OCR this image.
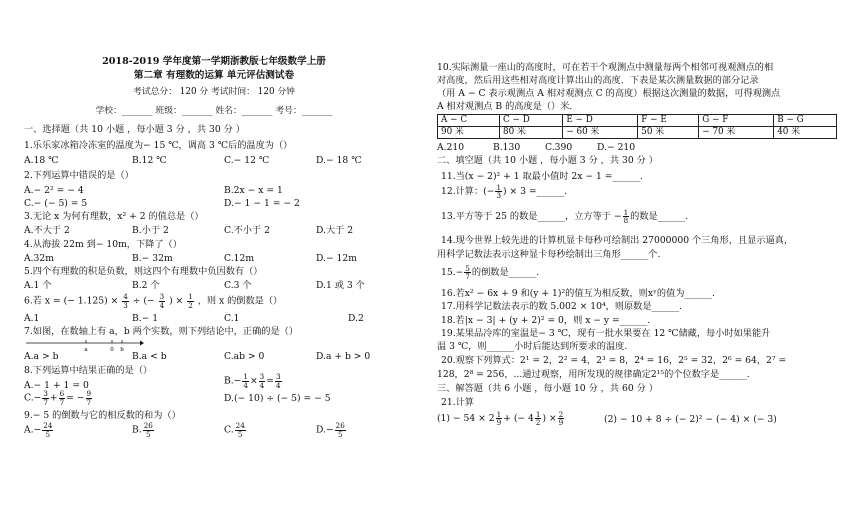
2018-2019 学年度第一学期浙教版七年级数学上册
第二章 有理数的运算 单元评估测试卷
考试总分： 120 分 考试时间： 120 分钟
学校：_______ 班级：_______ 姓名：_______ 考号：_______
一、选择题（共 10 小题 ，每小题 3 分 ，共 30 分 ）
1.乐乐家冰箱冷冻室的温度为− 15 ℃，调高 3 ℃后的温度为（）
A.18 ℃	B.12 ℃	C.− 12 ℃	D.− 18 ℃
2.下列运算中错误的是（）
A.− 2² = − 4	B.2x − x = 1
C.− (− 5) = 5	D.− 1 − 1 = − 2
3.无论 x 为何有理数，x² + 2 的值总是（）
A.不大于 2	B.小于 2	C.不小于 2	D.大于 2
4.从海拔 22m 到− 10m，下降了（）
A.32m	B.− 32m	C.12m	D.− 12m
5.四个有理数的积是负数，则这四个有理数中负因数有（）
A.1 个	B.2 个	C.3 个	D.1 或 3 个
6.若 x = (− $1.125) \times \frac{4}{3}$ ÷ (− $\frac{3}{4}$ ) × $\frac{1}{2}$ ，则 x 的倒数是（）
A.1	B.− 1	C.1	D.2
7.如图，在数轴上有 a，b 两个实数，则下列结论中，正确的是（）
a	0 b
A.a > b	B.a < b	C.ab > 0	D.a + b > 0
8.下列运算中结果正确的是（）
A.− 1 + 1 = 0	$B.- \frac{1}{4} \times \frac{3}{4} = \frac{3}{4}$
$C.- \frac{3}{7} + \frac{6}{7}$ = − $\frac{9}{7}$	D.(− 10) ÷ (− 5) = − 5
9.− 5 的倒数与它的相反数的和为（）
$A.- \frac{24}{5}$	B. $\frac{26}{5}$	C. $\frac{24}{5}$	$D.- \frac{26}{5}$
10.实际测量一座山的高度时，可在若干个观测点中测量每两个相邻可视观测点的相
对高度，然后用这些相对高度计算出山的高度．下表是某次测量数据的部分记录
（用 A − C 表示观测点 A 相对观测点 C 的高度）根据这次测量的数据，可得观测点
A 相对观测点 B 的高度是（）米．
A − C	C − D	E − D	F − E	G − F	B − G
90 米	80 米	− 60 米	50 米	− 70 米	40 米
A.210	B.130	C.390	D.− 210
二、填空题（共 10 小题 ，每小题 3 分 ，共 30 分 ）
11.当(x − 2)² + 1 取最小值时 2x − 1 =______.
12.计算：(− $\frac{1}{3}$ ) × 3 =______.
13.平方等于 25 的数是______，立方等于 − $\frac{1}{8}$ 的数是______.
14.现今世界上较先进的计算机显卡每秒可绘制出 27000000 个三角形，且显示逼真，
用科学记数法表示这种显卡每秒绘制出三角形______个.
$15.- \frac{5}{7}$ 的倒数是______.
16.若x² − 6x + 9 和(y + 1)²的值互为相反数，则xʸ的值为______.
17.用科学记数法表示的数 5.002 × 10⁴，则原数是______.
18.若|x − 3| + (y + 2)² = 0，则 x − y =______.
19.某果品冷库的室温是− 3 ℃，现有一批水果要在 12 ℃储藏，每小时如果能升
温 3 ℃，则______小时后能达到所要求的温度.
20.观察下列算式：2¹ = 2，2² = 4，2³ = 8，2⁴ = 16，2⁵ = 32，2⁶ = 64，2⁷ =
128，2⁸ = 256，...通过观察，用所发现的规律确定2¹⁵的个位数字是______.
三、解答题（共 6 小题 ，每小题 10 分 ，共 60 分 ）
21.计算
$(1) - 54 \times 2 \frac{1}{9}$ + (− $4 \frac{1}{2}$ ) × $\frac{2}{9}$	(2) − 10 + 8 ÷ (− 2)² − (− 4) × (− 3)
